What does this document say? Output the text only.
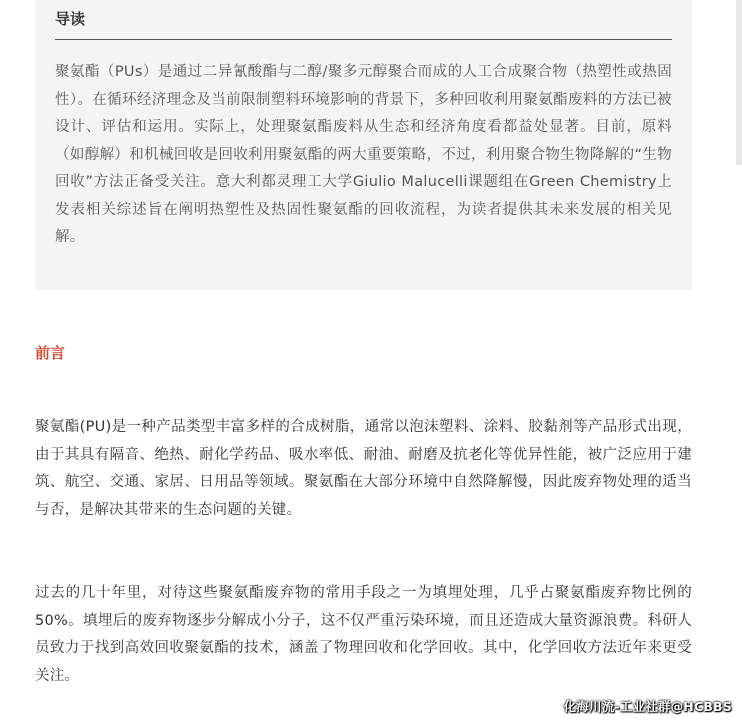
导读

聚氨酯（PUs）是通过二异氰酸酯与二醇/聚多元醇聚合而成的人工合成聚合物（热塑性或热固性）。在循环经济理念及当前限制塑料环境影响的背景下，多种回收利用聚氨酯废料的方法已被设计、评估和运用。实际上，处理聚氨酯废料从生态和经济角度看都益处显著。目前，原料（如醇解）和机械回收是回收利用聚氨酯的两大重要策略，不过，利用聚合物生物降解的“生物回收”方法正备受关注。意大利都灵理工大学Giulio Malucelli课题组在Green Chemistry上发表相关综述旨在阐明热塑性及热固性聚氨酯的回收流程，为读者提供其未来发展的相关见解。

前言

聚氨酯(PU)是一种产品类型丰富多样的合成树脂，通常以泡沫塑料、涂料、胶黏剂等产品形式出现，由于其具有隔音、绝热、耐化学药品、吸水率低、耐油、耐磨及抗老化等优异性能，被广泛应用于建筑、航空、交通、家居、日用品等领域。聚氨酯在大部分环境中自然降解慢，因此废弃物处理的适当与否，是解决其带来的生态问题的关键。

过去的几十年里，对待这些聚氨酯废弃物的常用手段之一为填埋处理，几乎占聚氨酯废弃物比例的50%。填埋后的废弃物逐步分解成小分子，这不仅严重污染环境，而且还造成大量资源浪费。科研人员致力于找到高效回收聚氨酯的技术，涵盖了物理回收和化学回收。其中，化学回收方法近年来更受关注。

化海川流-工业社群@HCBBS
